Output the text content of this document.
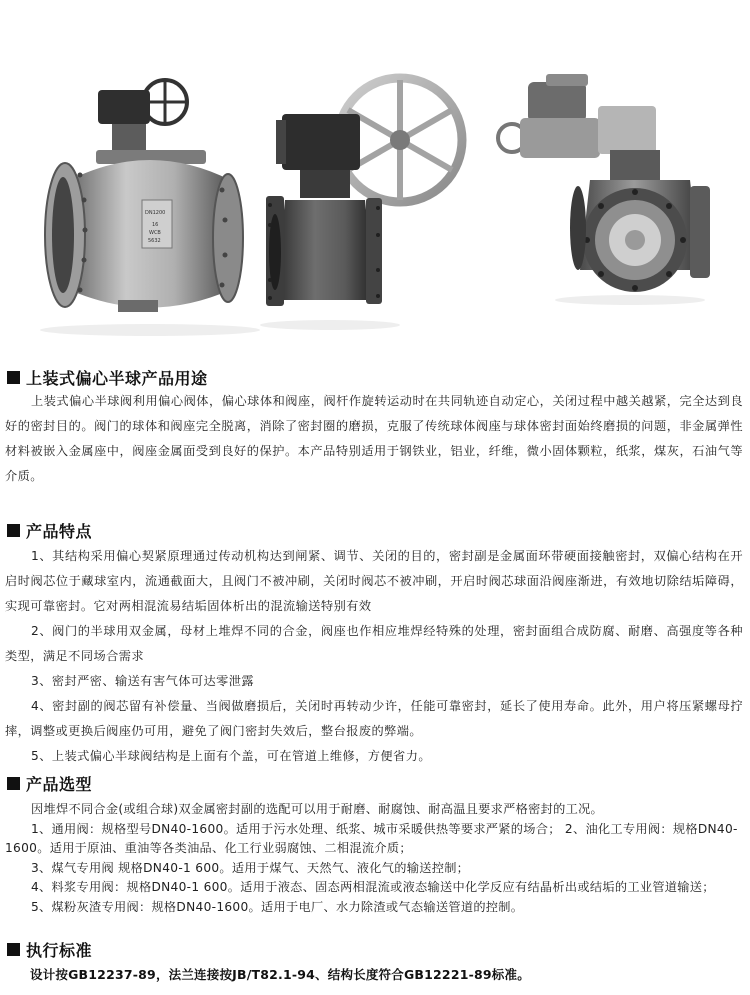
DN1200
16
WCB
5632
上装式偏心半球产品用途

上装式偏心半球阀利用偏心阀体，偏心球体和阀座，阀杆作旋转运动时在共同轨迹自动定心，关闭过程中越关越紧，完全达到良好的密封目的。阀门的球体和阀座完全脱离，消除了密封圈的磨损，克服了传统球体阀座与球体密封面始终磨损的问题，非金属弹性材料被嵌入金属座中，阀座金属面受到良好的保护。本产品特别适用于钢铁业，铝业，纤维，微小固体颗粒，纸浆，煤灰，石油气等介质。

产品特点

1、其结构采用偏心契紧原理通过传动机构达到闸紧、调节、关闭的目的，密封副是金属面环带硬面接触密封，双偏心结构在开启时阀芯位于藏球室内，流通截面大，且阀门不被冲刷，关闭时阀芯不被冲刷，开启时阀芯球面沿阀座渐进，有效地切除结垢障碍，实现可靠密封。它对两相混流易结垢固体析出的混流输送特别有效

2、阀门的半球用双金属，母材上堆焊不同的合金，阀座也作相应堆焊经特殊的处理，密封面组合成防腐、耐磨、高强度等各种类型，满足不同场合需求

3、密封严密、输送有害气体可达零泄露

4、密封副的阀芯留有补偿量、当阀做磨损后，关闭时再转动少许，任能可靠密封，延长了使用寿命。此外，用户将压紧螺母拧摔，调整或更换后阀座仍可用，避免了阀门密封失效后，整台报废的弊端。

5、上装式偏心半球阀结构是上面有个盖，可在管道上维修，方便省力。

产品选型

因堆焊不同合金(或组合球)双金属密封副的选配可以用于耐磨、耐腐蚀、耐高温且要求严格密封的工况。

1、通用阀：规格型号DN40-1600。适用于污水处理、纸浆、城市采暖供热等要求严紧的场合； 2、油化工专用阀：规格DN40-1600。适用于原油、重油等各类油品、化工行业弱腐蚀、二相混流介质；

3、煤气专用阀 规格DN40-1 600。适用于煤气、天然气、液化气的输送控制；

4、料浆专用阀：规格DN40-1 600。适用于液态、固态两相混流或液态输送中化学反应有结晶析出或结垢的工业管道输送；

5、煤粉灰渣专用阀：规格DN40-1600。适用于电厂、水力除渣或气态输送管道的控制。

执行标准
设计按GB12237-89，法兰连接按JB/T82.1-94、结构长度符合GB12221-89标准。
